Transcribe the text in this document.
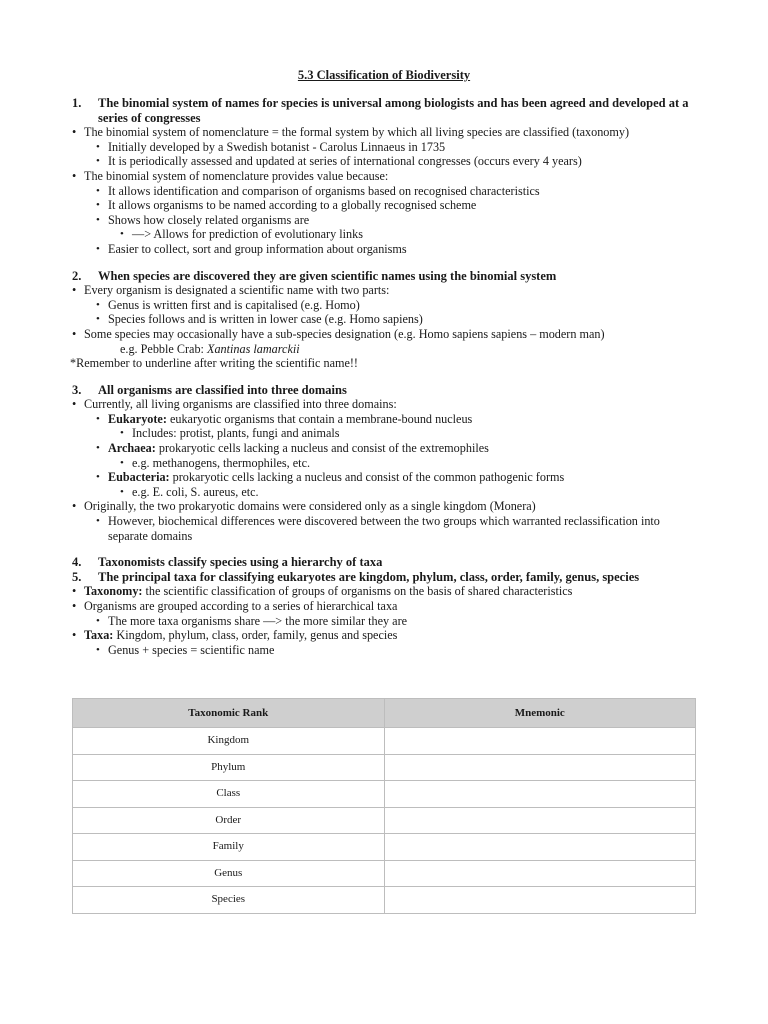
5.3 Classification of Biodiversity
1.	The binomial system of names for species is universal among biologists and has been agreed and developed at a series of congresses
• The binomial system of nomenclature = the formal system by which all living species are classified (taxonomy)
• Initially developed by a Swedish botanist - Carolus Linnaeus in 1735
• It is periodically assessed and updated at series of international congresses (occurs every 4 years)
• The binomial system of nomenclature provides value because:
• It allows identification and comparison of organisms based on recognised characteristics
• It allows organisms to be named according to a globally recognised scheme
• Shows how closely related organisms are
• —> Allows for prediction of evolutionary links
• Easier to collect, sort and group information about organisms
2.	When species are discovered they are given scientific names using the binomial system
• Every organism is designated a scientific name with two parts:
• Genus is written first and is capitalised (e.g. Homo)
• Species follows and is written in lower case (e.g. Homo sapiens)
• Some species may occasionally have a sub-species designation (e.g. Homo sapiens sapiens – modern man)
e.g. Pebble Crab: Xantinas lamarckii
*Remember to underline after writing the scientific name!!
3.	All organisms are classified into three domains
• Currently, all living organisms are classified into three domains:
• Eukaryote: eukaryotic organisms that contain a membrane-bound nucleus
• Includes: protist, plants, fungi and animals
• Archaea: prokaryotic cells lacking a nucleus and consist of the extremophiles
• e.g. methanogens, thermophiles, etc.
• Eubacteria: prokaryotic cells lacking a nucleus and consist of the common pathogenic forms
• e.g. E. coli, S. aureus, etc.
• Originally, the two prokaryotic domains were considered only as a single kingdom (Monera)
• However, biochemical differences were discovered between the two groups which warranted reclassification into separate domains
4.	Taxonomists classify species using a hierarchy of taxa
5.	The principal taxa for classifying eukaryotes are kingdom, phylum, class, order, family, genus, species
• Taxonomy: the scientific classification of groups of organisms on the basis of shared characteristics
• Organisms are grouped according to a series of hierarchical taxa
• The more taxa organisms share —> the more similar they are
• Taxa: Kingdom, phylum, class, order, family, genus and species
• Genus + species = scientific name
Taxonomic Rank	Mnemonic
Kingdom	
Phylum	
Class	
Order	
Family	
Genus	
Species	
